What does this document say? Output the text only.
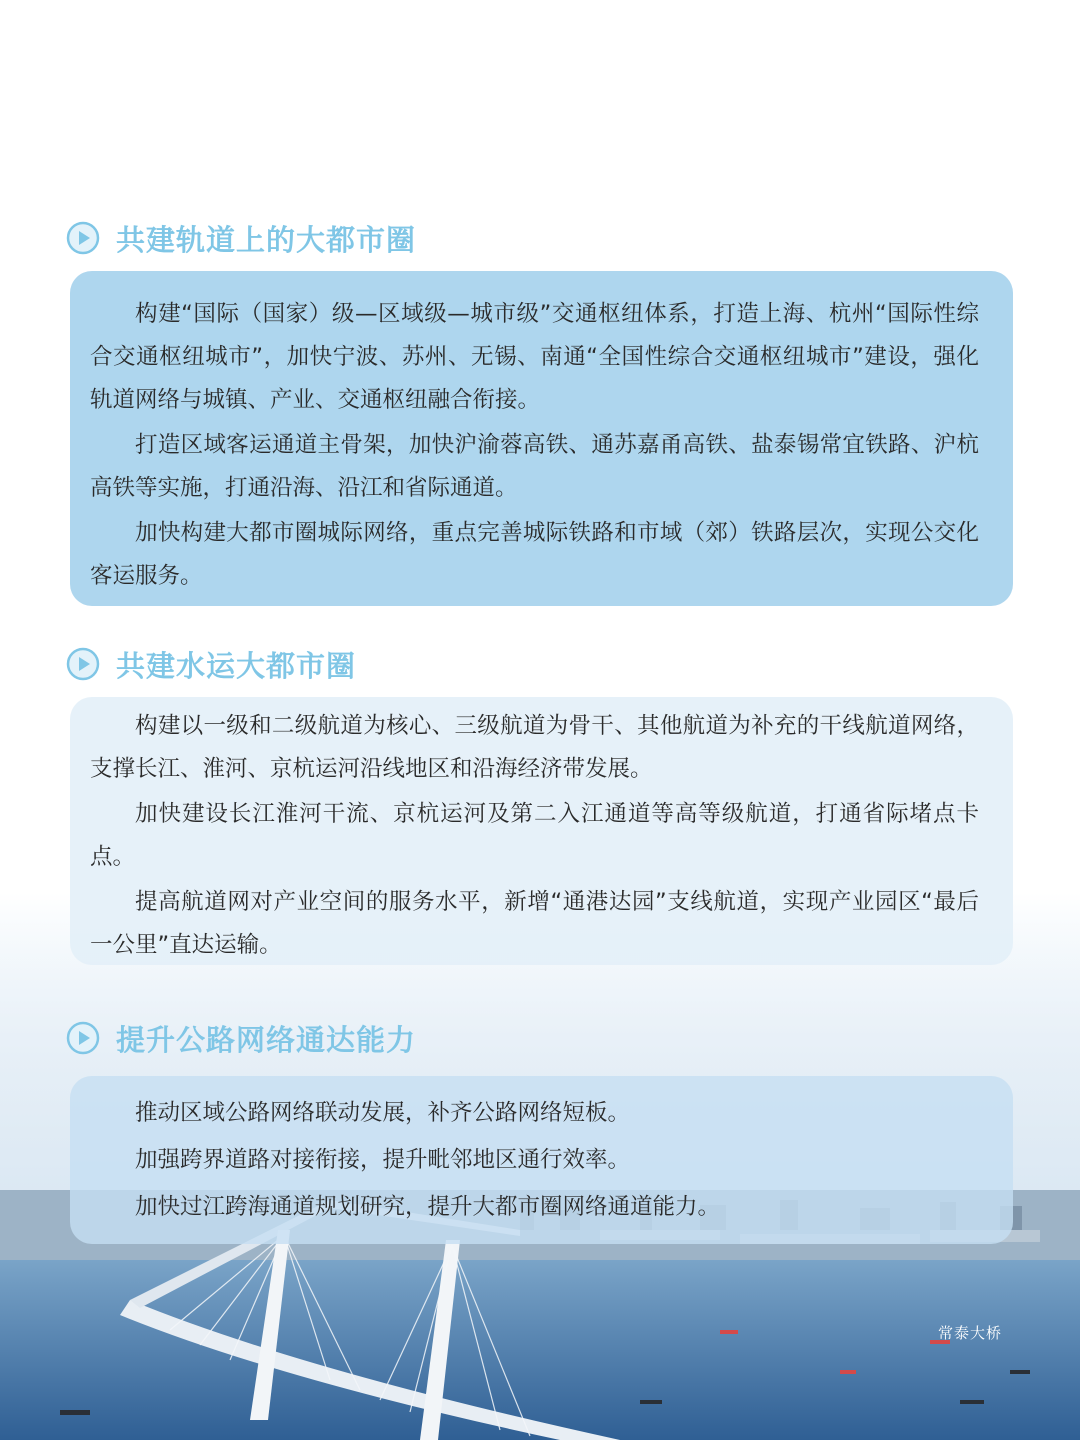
共建轨道上的大都市圈

构建“国际（国家）级—区域级—城市级”交通枢纽体系，打造上海、杭州“国际性综合交通枢纽城市”，加快宁波、苏州、无锡、南通“全国性综合交通枢纽城市”建设，强化轨道网络与城镇、产业、交通枢纽融合衔接。

打造区域客运通道主骨架，加快沪渝蓉高铁、通苏嘉甬高铁、盐泰锡常宜铁路、沪杭高铁等实施，打通沿海、沿江和省际通道。

加快构建大都市圈城际网络，重点完善城际铁路和市域（郊）铁路层次，实现公交化客运服务。

共建水运大都市圈

构建以一级和二级航道为核心、三级航道为骨干、其他航道为补充的干线航道网络，支撑长江、淮河、京杭运河沿线地区和沿海经济带发展。

加快建设长江淮河干流、京杭运河及第二入江通道等高等级航道，打通省际堵点卡点。

提高航道网对产业空间的服务水平，新增“通港达园”支线航道，实现产业园区“最后一公里”直达运输。

提升公路网络通达能力

推动区域公路网络联动发展，补齐公路网络短板。

加强跨界道路对接衔接，提升毗邻地区通行效率。

加快过江跨海通道规划研究，提升大都市圈网络通道能力。

常泰大桥
